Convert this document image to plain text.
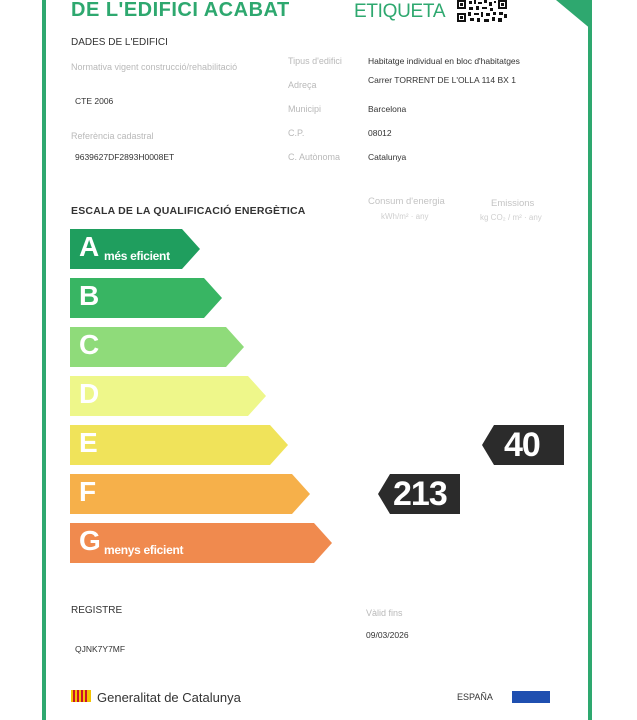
DE L'EDIFICI ACABAT	ETIQUETA
DADES DE L'EDIFICI
Normativa vigent construcció/rehabilitació
CTE 2006
Referència cadastral
9639627DF2893H0008ET
Tipus d'edifici	Habitatge individual en bloc d'habitatges
Adreça	Carrer TORRENT DE L'OLLA 114 BX 1
Municipi	Barcelona
C.P.	08012
C. Autònoma	Catalunya
ESCALA DE LA QUALIFICACIÓ ENERGÈTICA
Consum d'energia
kWh/m² · any
Emissions
kg CO₂ / m² · any
A més eficient
B
C
D
E
F
G menys eficient
213
40
REGISTRE
QJNK7Y7MF
Vàlid fins
09/03/2026
Generalitat de Catalunya	ESPAÑA
